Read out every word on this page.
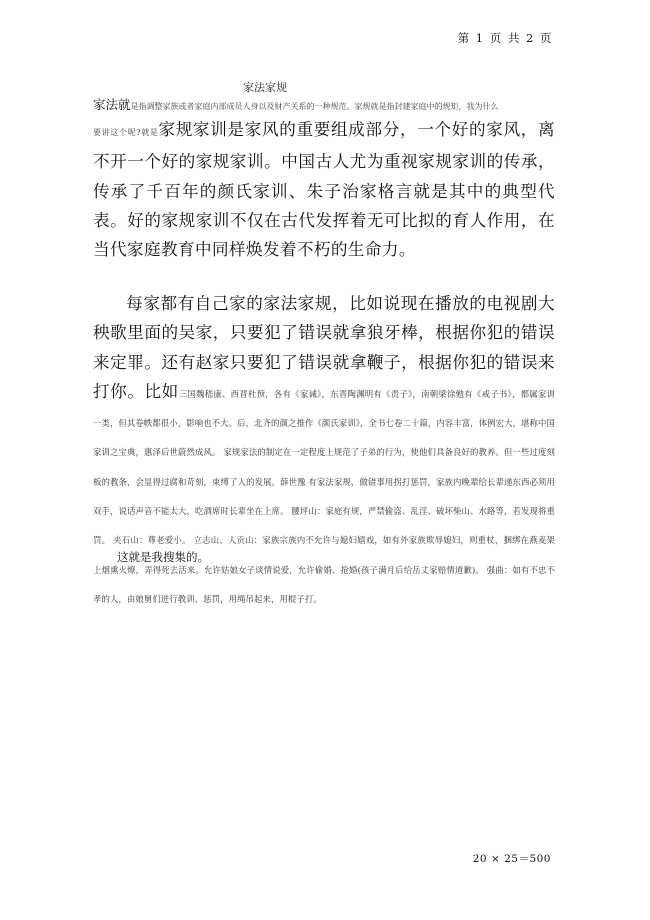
第 1 页 共 2 页
家法家规
家法就是指调整家族或者家庭内部成员人身以及财产关系的一种规范。家规就是指封建家庭中的规矩，我为什么
要讲这个呢?就是家规家训是家风的重要组成部分，一个好的家风，离不开一个好的家规家训。中国古人尤为重视家规家训的传承，传承了千百年的颜氏家训、朱子治家格言就是其中的典型代表。好的家规家训不仅在古代发挥着无可比拟的育人作用，在当代家庭教育中同样焕发着不朽的生命力。
每家都有自己家的家法家规，比如说现在播放的电视剧大秧歌里面的吴家，只要犯了错误就拿狼牙棒，根据你犯的错误来定罪。还有赵家只要犯了错误就拿鞭子，根据你犯的错误来打你。比如三国魏嵇康、西晋杜预，各有《家诫》，东晋陶渊明有《责子》，南朝梁徐勉有《戒子书》，都属家训一类，但其卷帙都很小，影响也不大。后，北齐的颜之推作《颜氏家训》，全书七卷二十篇，内容丰富，体例宏大，堪称中国家训之宝典，惠泽后世蔚然成风。 家规家法的制定在一定程度上规范了子弟的行为，使他们具备良好的教养。但一些过度刻板的教条，会显得过腐和苛刻，束缚了人的发展。薛世豫 有家法家规，做错事用拐打惩罚，家族内晚辈给长辈递东西必须用双手，说话声音不能太大，吃酒席时长辈坐在上席。 腰坪山：家庭有规，严禁偷盗、乱淫、破坏柴山、水路等，若发现将重罚。 夹石山：尊老爱小。 立志山、人贡山：家族宗族内不允许与媳妇嬉戏，如有外家族欺辱媳妇，则重杖，捆绑在燕麦架上烟熏火燎，弄得死去活来。允许姑娘女子谈情说爱，允许偷婚、抢婚(孩子满月后给岳丈家赔情道歉)。 强曲：如有不忠不孝的人，由娘舅们进行教训、惩罚，用绳吊起来，用棍子打。
这就是我搜集的。
20 × 25＝500
